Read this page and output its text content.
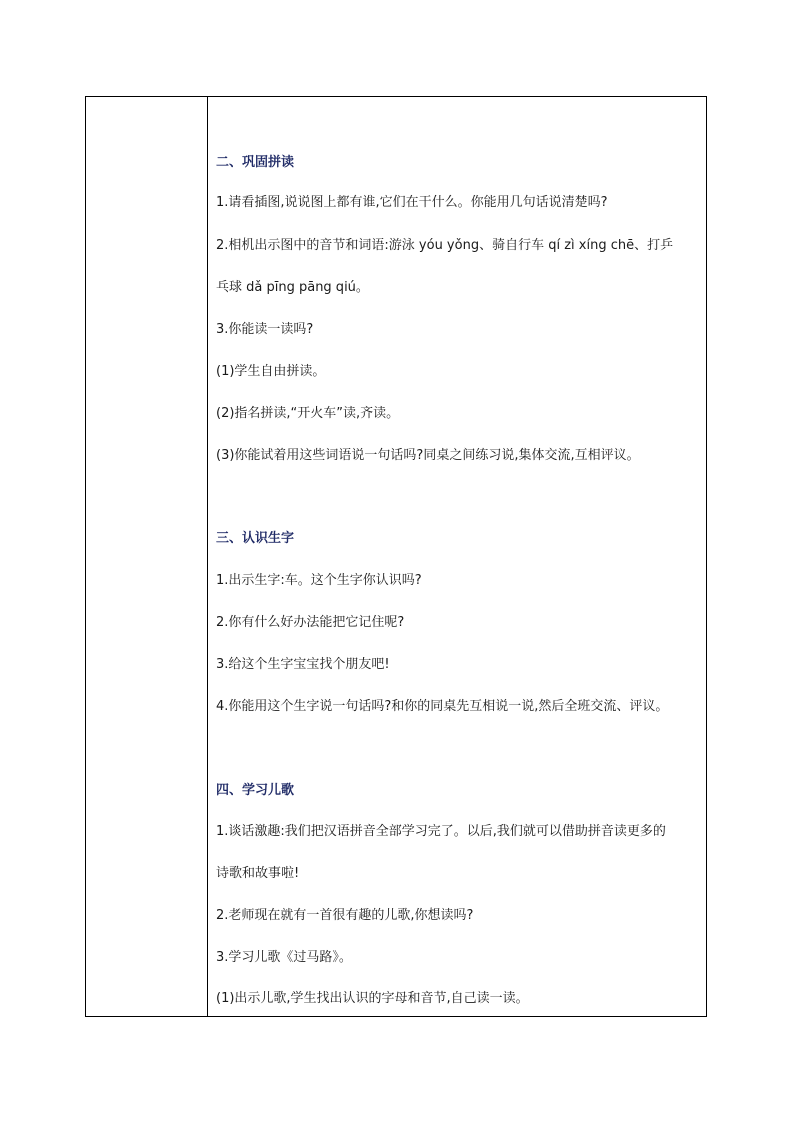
二、巩固拼读
1.请看插图,说说图上都有谁,它们在干什么。你能用几句话说清楚吗?
2.相机出示图中的音节和词语:游泳 yóu yǒng、骑自行车 qí zì xíng chē、打乒
乓球 dǎ pīng pāng qiú。
3.你能读一读吗?
(1)学生自由拼读。
(2)指名拼读,“开火车”读,齐读。
(3)你能试着用这些词语说一句话吗?同桌之间练习说,集体交流,互相评议。
三、认识生字
1.出示生字:车。这个生字你认识吗?
2.你有什么好办法能把它记住呢?
3.给这个生字宝宝找个朋友吧!
4.你能用这个生字说一句话吗?和你的同桌先互相说一说,然后全班交流、评议。
四、学习儿歌
1.谈话激趣:我们把汉语拼音全部学习完了。以后,我们就可以借助拼音读更多的
诗歌和故事啦!
2.老师现在就有一首很有趣的儿歌,你想读吗?
3.学习儿歌《过马路》。
(1)出示儿歌,学生找出认识的字母和音节,自己读一读。
